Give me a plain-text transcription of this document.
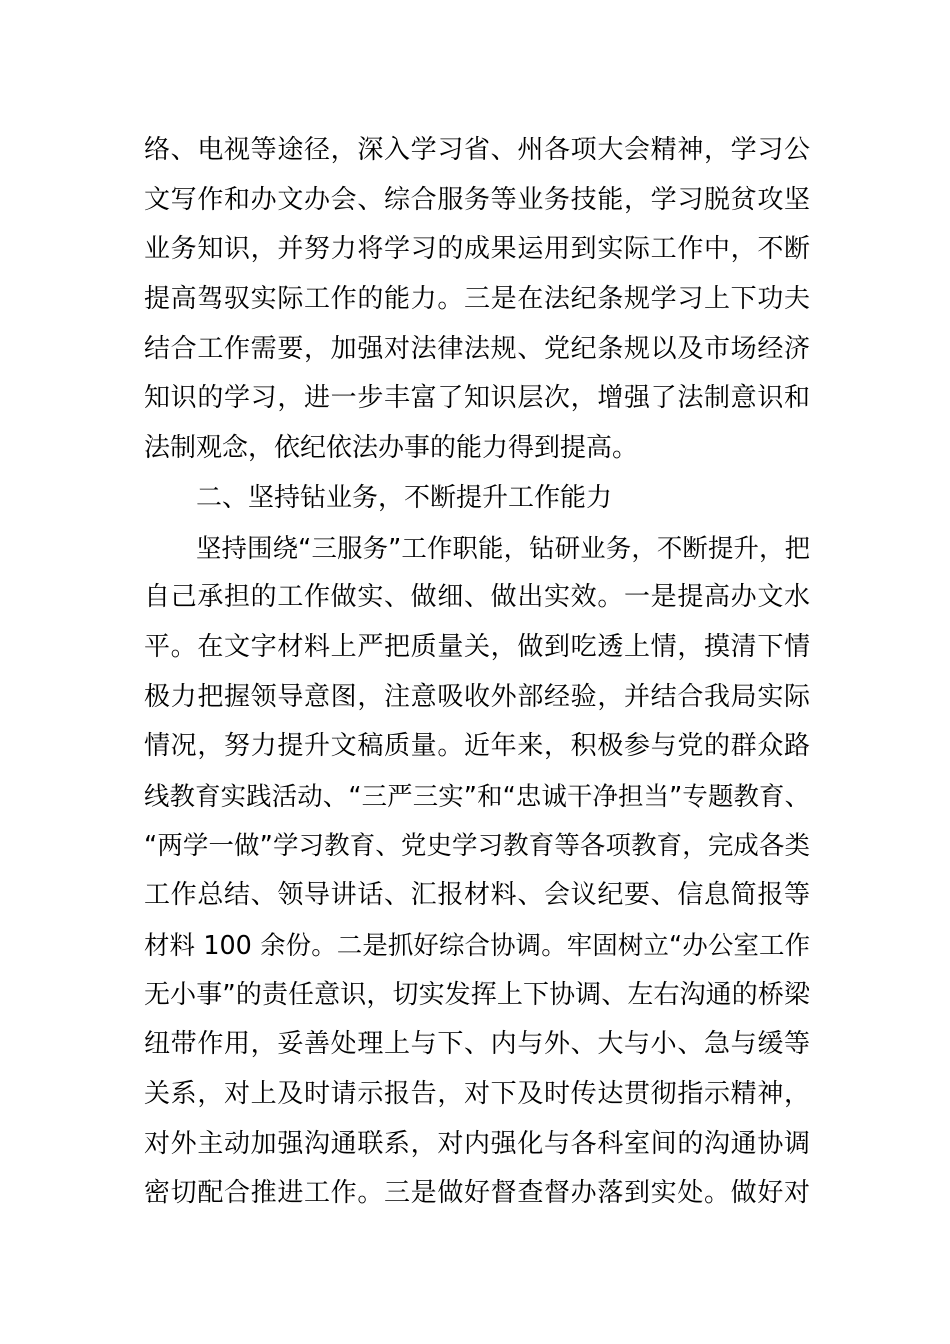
络、电视等途径，深入学习省、州各项大会精神，学习公
文写作和办文办会、综合服务等业务技能，学习脱贫攻坚
业务知识，并努力将学习的成果运用到实际工作中，不断
提高驾驭实际工作的能力。三是在法纪条规学习上下功夫
结合工作需要，加强对法律法规、党纪条规以及市场经济
知识的学习，进一步丰富了知识层次，增强了法制意识和
法制观念，依纪依法办事的能力得到提高。
二、坚持钻业务，不断提升工作能力
坚持围绕“三服务”工作职能，钻研业务，不断提升，把
自己承担的工作做实、做细、做出实效。一是提高办文水
平。在文字材料上严把质量关，做到吃透上情，摸清下情
极力把握领导意图，注意吸收外部经验，并结合我局实际
情况，努力提升文稿质量。近年来，积极参与党的群众路
线教育实践活动、“三严三实”和“忠诚干净担当”专题教育、
“两学一做”学习教育、党史学习教育等各项教育，完成各类
工作总结、领导讲话、汇报材料、会议纪要、信息简报等
材料 100 余份。二是抓好综合协调。牢固树立“办公室工作
无小事”的责任意识，切实发挥上下协调、左右沟通的桥梁
纽带作用，妥善处理上与下、内与外、大与小、急与缓等
关系，对上及时请示报告，对下及时传达贯彻指示精神，
对外主动加强沟通联系，对内强化与各科室间的沟通协调
密切配合推进工作。三是做好督查督办落到实处。做好对
